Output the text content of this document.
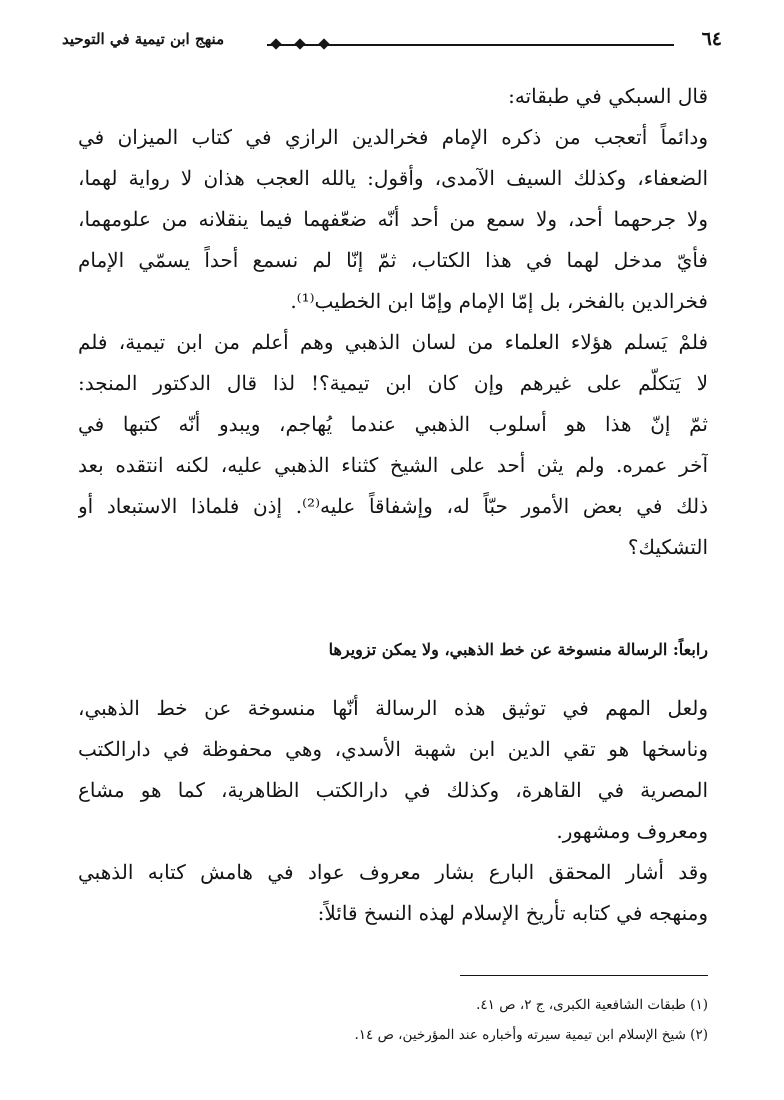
٦٤
منهج ابن تيمية في التوحيد
قال السبكي في طبقاته:
ودائماً أتعجب من ذكره الإمام فخرالدين الرازي في كتاب الميزان في
الضعفاء، وكذلك السيف الآمدى، وأقول: يالله العجب هذان لا رواية لهما،
ولا جرحهما أحد، ولا سمع من أحد أنّه ضعّفهما فيما ينقلانه من علومهما،
فأيّ مدخل لهما في هذا الكتاب، ثمّ إنّا لم نسمع أحداً يسمّي الإمام
فخرالدين بالفخر، بل إمّا الإمام وإمّا ابن الخطيب⁽¹⁾.
فلمْ يَسلم هؤلاء العلماء من لسان الذهبي وهم أعلم من ابن تيمية، فلم
لا يَتكلّم على غيرهم وإن كان ابن تيمية؟! لذا قال الدكتور المنجد:
ثمّ إنّ هذا هو أسلوب الذهبي عندما يُهاجم، ويبدو أنّه كتبها في
آخر عمره. ولم يثن أحد على الشيخ كثناء الذهبي عليه، لكنه انتقده بعد
ذلك في بعض الأمور حبّاً له، وإشفاقاً عليه⁽²⁾. إذن فلماذا الاستبعاد أو
التشكيك؟
رابعاً: الرسالة منسوخة عن خط الذهبي، ولا يمكن تزويرها
ولعل المهم في توثيق هذه الرسالة أنّها منسوخة عن خط الذهبي،
وناسخها هو تقي الدين ابن شهبة الأسدي، وهي محفوظة في دارالكتب
المصرية في القاهرة، وكذلك في دارالكتب الظاهرية، كما هو مشاع
ومعروف ومشهور.
وقد أشار المحقق البارع بشار معروف عواد في هامش كتابه الذهبي
ومنهجه في كتابه تأريخ الإسلام لهذه النسخ قائلاً:
(١) طبقات الشافعية الكبرى، ج ٢، ص ٤١.
(٢) شيخ الإسلام ابن تيمية سيرته وأخباره عند المؤرخين، ص ١٤.
